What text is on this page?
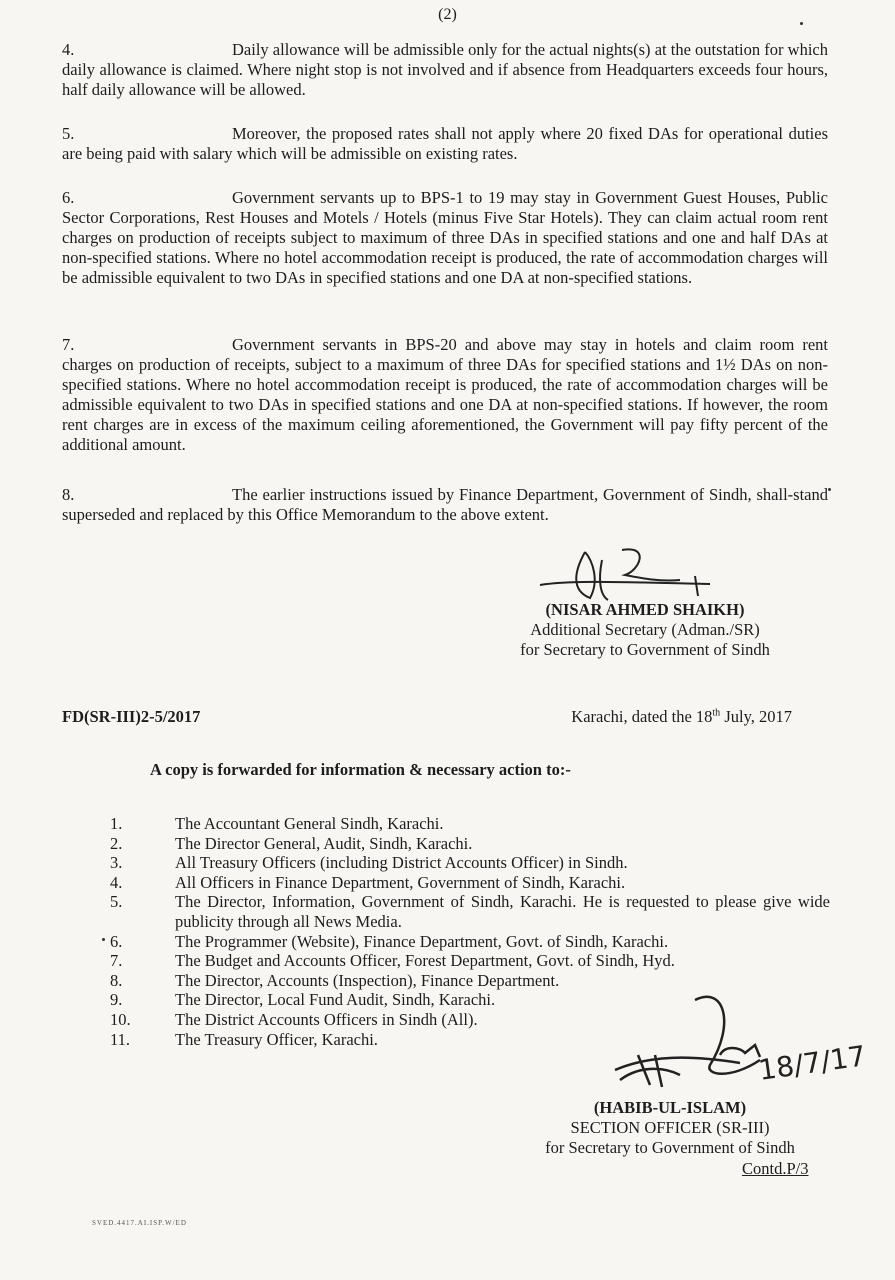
(2)
4.	Daily allowance will be admissible only for the actual nights(s) at the outstation for which daily allowance is claimed. Where night stop is not involved and if absence from Headquarters exceeds four hours, half daily allowance will be allowed.
5.	Moreover, the proposed rates shall not apply where 20 fixed DAs for operational duties are being paid with salary which will be admissible on existing rates.
6.	Government servants up to BPS-1 to 19 may stay in Government Guest Houses, Public Sector Corporations, Rest Houses and Motels / Hotels (minus Five Star Hotels). They can claim actual room rent charges on production of receipts subject to maximum of three DAs in specified stations and one and half DAs at non-specified stations. Where no hotel accommodation receipt is produced, the rate of accommodation charges will be admissible equivalent to two DAs in specified stations and one DA at non-specified stations.
7.	Government servants in BPS-20 and above may stay in hotels and claim room rent charges on production of receipts, subject to a maximum of three DAs for specified stations and 1½ DAs on non-specified stations. Where no hotel accommodation receipt is produced, the rate of accommodation charges will be admissible equivalent to two DAs in specified stations and one DA at non-specified stations. If however, the room rent charges are in excess of the maximum ceiling aforementioned, the Government will pay fifty percent of the additional amount.
8.	The earlier instructions issued by Finance Department, Government of Sindh, shall-stand superseded and replaced by this Office Memorandum to the above extent.
(NISAR AHMED SHAIKH)
Additional Secretary (Adman./SR)
for Secretary to Government of Sindh
FD(SR-III)2-5/2017	Karachi, dated the 18th July, 2017
A copy is forwarded for information & necessary action to:-
1.	The Accountant General Sindh, Karachi.
2.	The Director General, Audit, Sindh, Karachi.
3.	All Treasury Officers (including District Accounts Officer) in Sindh.
4.	All Officers in Finance Department, Government of Sindh, Karachi.
5.	The Director, Information, Government of Sindh, Karachi. He is requested to please give wide publicity through all News Media.
6.	The Programmer (Website), Finance Department, Govt. of Sindh, Karachi.
7.	The Budget and Accounts Officer, Forest Department, Govt. of Sindh, Hyd.
8.	The Director, Accounts (Inspection), Finance Department.
9.	The Director, Local Fund Audit, Sindh, Karachi.
10.	The District Accounts Officers in Sindh (All).
11.	The Treasury Officer, Karachi.
18/7/17
(HABIB-UL-ISLAM)
SECTION OFFICER (SR-III)
for Secretary to Government of Sindh
Contd.P/3
SVED.4417.AI.ISP.W/ED
